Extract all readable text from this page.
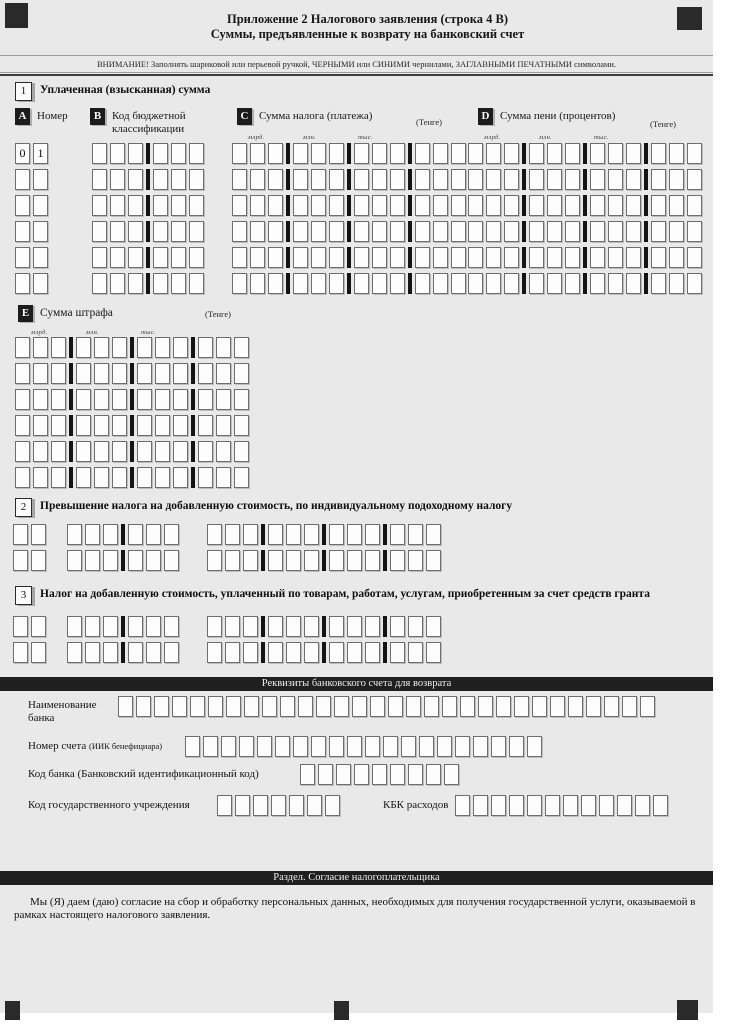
Приложение 2 Налогового заявления (строка 4 В)
Суммы, предъявленные к возврату на банковский счет
ВНИМАНИЕ! Заполнять шариковой или перьевой ручкой, ЧЕРНЫМИ или СИНИМИ чернилами, ЗАГЛАВНЫМИ ПЕЧАТНЫМИ символами.
1	Уплаченная (взысканная) сумма
A Номер	B Код бюджетной классификации
C Сумма налога (платежа)	(Тенге)	D Сумма пени (процентов)
(Тенге)
0	1
млрд.	млн.	тыс.	млрд.	млн.	тыс.
E Сумма штрафа	(Тенге)
млрд.	млн.	тыс.
2	Превышение налога на добавленную стоимость, по индивидуальному подоходному налогу
3	Налог на добавленную стоимость, уплаченный по товарам, работам, услугам, приобретенным за счет средств гранта
Реквизиты банковского счета для возврата
Наименование банка
Номер счета (ИИК бенефициара)
Код банка (Банковский идентификационный код)
Код государственного учреждения	КБК расходов
Раздел. Согласие налогоплательщика
Мы (Я) даем (даю) согласие на сбор и обработку персональных данных, необходимых для получения государственной услуги, оказываемой в рамках настоящего налогового заявления.
